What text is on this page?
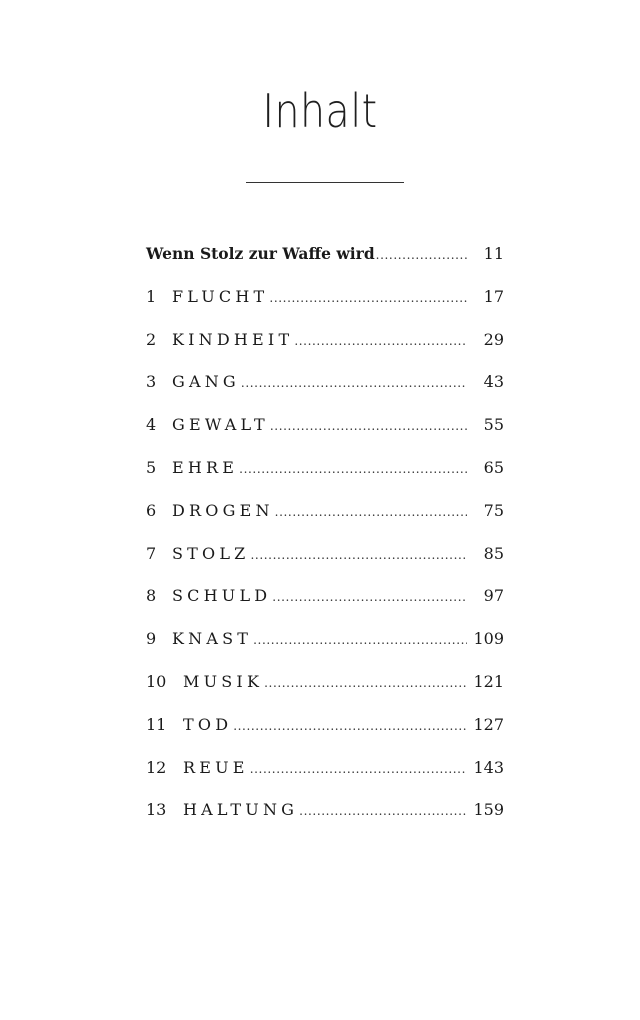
Inhalt
Wenn Stolz zur Waffe wird .....	11
1 FLUCHT .....	17
2 KINDHEIT .....	29
3 GANG .....	43
4 GEWALT .....	55
5 EHRE .....	65
6 DROGEN .....	75
7 STOLZ .....	85
8 SCHULD .....	97
9 KNAST .....	109
10	MUSIK .....	121
11	TOD .....	127
12	REUE .....	143
13	HALTUNG .....	159
